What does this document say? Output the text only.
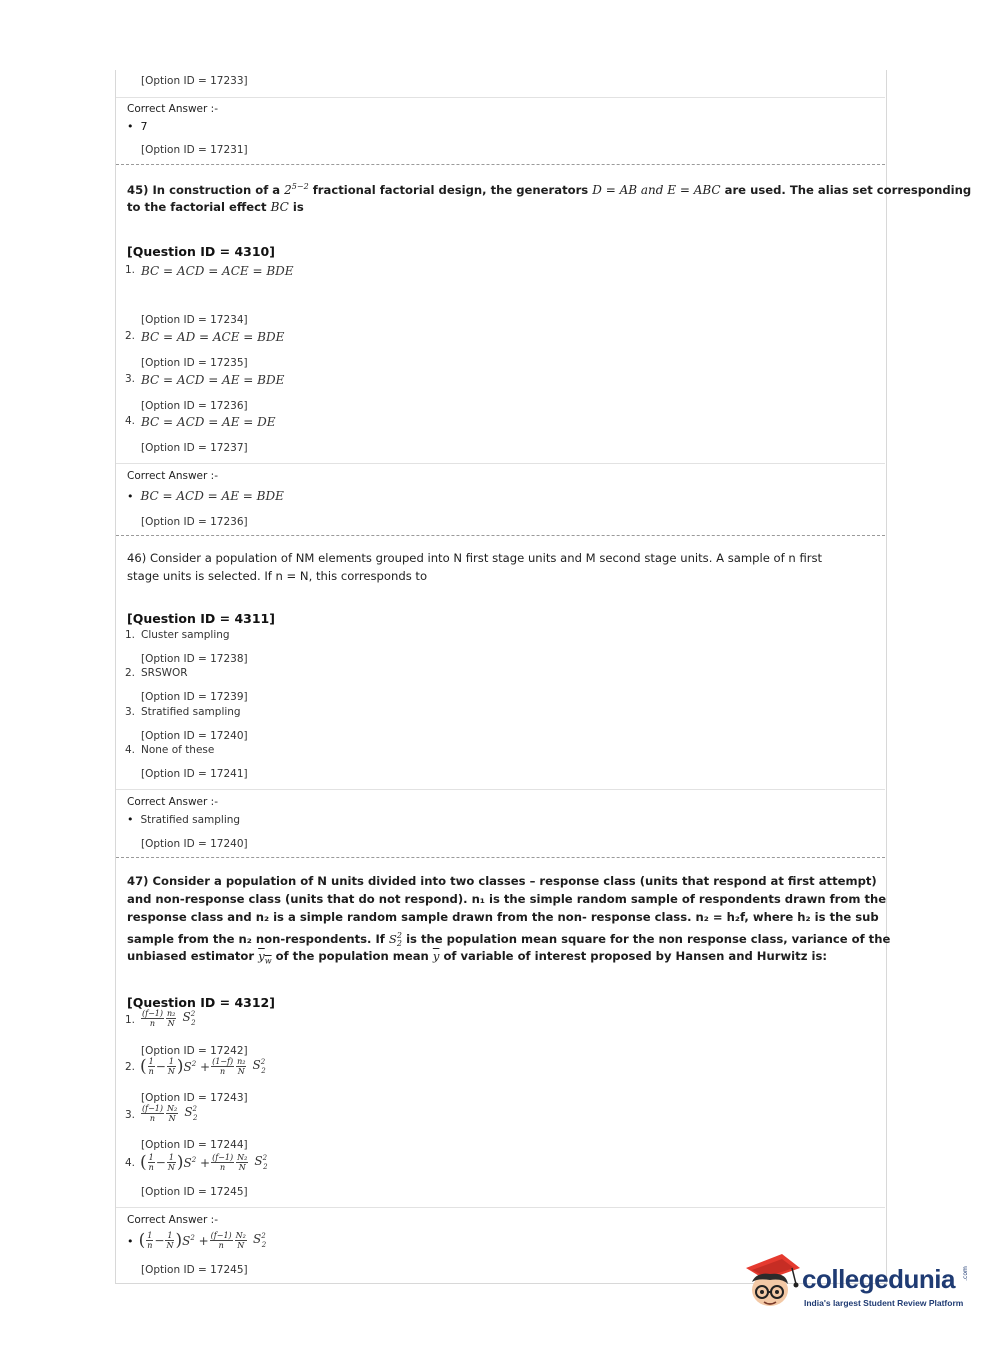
[Option ID = 17233]
Correct Answer :-
•  7
[Option ID = 17231]
45) In construction of a $2^{5-2}$ fractional factorial design, the generators D = AB and E = ABC are used. The alias set corresponding
to the factorial effect BC is
[Question ID = 4310]
1. BC = ACD = ACE = BDE
[Option ID = 17234]
2. BC = AD = ACE = BDE
[Option ID = 17235]
3. BC = ACD = AE = BDE
[Option ID = 17236]
4. BC = ACD = AE = DE
[Option ID = 17237]
Correct Answer :-
•  BC = ACD = AE = BDE
[Option ID = 17236]
46) Consider a population of NM elements grouped into N first stage units and M second stage units. A sample of n first
stage units is selected. If n = N, this corresponds to
[Question ID = 4311]
1. Cluster sampling
[Option ID = 17238]
2. SRSWOR
[Option ID = 17239]
3. Stratified sampling
[Option ID = 17240]
4. None of these
[Option ID = 17241]
Correct Answer :-
•  Stratified sampling
[Option ID = 17240]
47) Consider a population of N units divided into two classes – response class (units that respond at first attempt)
and non-response class (units that do not respond). n₁ is the simple random sample of respondents drawn from the
response class and n₂ is a simple random sample drawn from the non- response class. n₂ = h₂f, where h₂ is the sub
sample from the n₂ non-respondents. If $S^2_2$ is the population mean square for the non response class, variance of the
unbiased estimator $y_w$ of the population mean $\overline{y}$ of variable of interest proposed by Hansen and Hurwitz is:
[Question ID = 4312]
1. $\frac{(f-1)}{n} \frac{\text{n₂}}{N} S^2_2$
[Option ID = 17242]
2. ( $\frac{1}{n} - \frac{1}{N} )S^2 + \frac{(1-f)}{n} \frac{\text{n₂}}{N} S^2_2$
[Option ID = 17243]
3. $\frac{(f-1)}{n} \frac{\text{N₂}}{N} S^2_2$
[Option ID = 17244]
4. ( $\frac{1}{n} - \frac{1}{N} )S^2 + \frac{(f-1)}{n} \frac{\text{N₂}}{N} S^2_2$
[Option ID = 17245]
Correct Answer :-
• ( $\frac{1}{n} - \frac{1}{N} )S^2 + \frac{(f-1)}{n} \frac{\text{N₂}}{N} S^2_2$
[Option ID = 17245]	collegedunia .com
India's largest Student Review Platform
